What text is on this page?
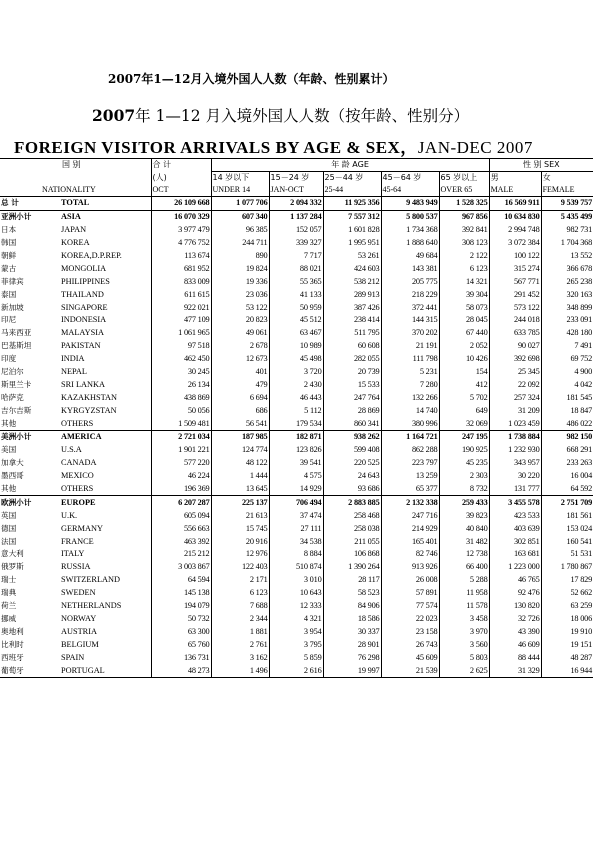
2007年1—12月入境外国人人数（年龄、性别累计）
2007年 1—12 月入境外国人人数（按年龄、性别分）
FOREIGN VISITOR ARRIVALS BY AGE & SEX，JAN-DEC 2007
国 别		合 计	年 龄 AGE					性 别 SEX	
		(人)	14 岁以下	15－24 岁	25－44 岁	45－64 岁	65 岁以上	男	女
NATIONALITY		OCT	UNDER 14	JAN-OCT	25-44	45-64	OVER 65	MALE	FEMALE
总 计	TOTAL	26 109 668	1 077 706	2 094 332	11 925 356	9 483 949	1 528 325	16 569 911	9 539 757
亚洲小计	ASIA	16 070 329	607 340	1 137 284	7 557 312	5 800 537	967 856	10 634 830	5 435 499
日本	JAPAN	3 977 479	96 385	152 057	1 601 828	1 734 368	392 841	2 994 748	982 731
韩国	KOREA	4 776 752	244 711	339 327	1 995 951	1 888 640	308 123	3 072 384	1 704 368
朝鲜	KOREA,D.P.REP.	113 674	890	7 717	53 261	49 684	2 122	100 122	13 552
蒙古	MONGOLIA	681 952	19 824	88 021	424 603	143 381	6 123	315 274	366 678
菲律宾	PHILIPPINES	833 009	19 336	55 365	538 212	205 775	14 321	567 771	265 238
泰国	THAILAND	611 615	23 036	41 133	289 913	218 229	39 304	291 452	320 163
新加坡	SINGAPORE	922 021	53 122	50 959	387 426	372 441	58 073	573 122	348 899
印尼	INDONESIA	477 109	20 823	45 512	238 414	144 315	28 045	244 018	233 091
马来西亚	MALAYSIA	1 061 965	49 061	63 467	511 795	370 202	67 440	633 785	428 180
巴基斯坦	PAKISTAN	97 518	2 678	10 989	60 608	21 191	2 052	90 027	7 491
印度	INDIA	462 450	12 673	45 498	282 055	111 798	10 426	392 698	69 752
尼泊尔	NEPAL	30 245	401	3 720	20 739	5 231	154	25 345	4 900
斯里兰卡	SRI LANKA	26 134	479	2 430	15 533	7 280	412	22 092	4 042
哈萨克	KAZAKHSTAN	438 869	6 694	46 443	247 764	132 266	5 702	257 324	181 545
吉尔吉斯	KYRGYZSTAN	50 056	686	5 112	28 869	14 740	649	31 209	18 847
其他	OTHERS	1 509 481	56 541	179 534	860 341	380 996	32 069	1 023 459	486 022
美洲小计	AMERICA	2 721 034	187 985	182 871	938 262	1 164 721	247 195	1 738 884	982 150
美国	U.S.A	1 901 221	124 774	123 826	599 408	862 288	190 925	1 232 930	668 291
加拿大	CANADA	577 220	48 122	39 541	220 525	223 797	45 235	343 957	233 263
墨西哥	MEXICO	46 224	1 444	4 575	24 643	13 259	2 303	30 220	16 004
其他	OTHERS	196 369	13 645	14 929	93 686	65 377	8 732	131 777	64 592
欧洲小计	EUROPE	6 207 287	225 137	706 494	2 883 885	2 132 338	259 433	3 455 578	2 751 709
英国	U.K.	605 094	21 613	37 474	258 468	247 716	39 823	423 533	181 561
德国	GERMANY	556 663	15 745	27 111	258 038	214 929	40 840	403 639	153 024
法国	FRANCE	463 392	20 916	34 538	211 055	165 401	31 482	302 851	160 541
意大利	ITALY	215 212	12 976	8 884	106 868	82 746	12 738	163 681	51 531
俄罗斯	RUSSIA	3 003 867	122 403	510 874	1 390 264	913 926	66 400	1 223 000	1 780 867
瑞士	SWITZERLAND	64 594	2 171	3 010	28 117	26 008	5 288	46 765	17 829
瑞典	SWEDEN	145 138	6 123	10 643	58 523	57 891	11 958	92 476	52 662
荷兰	NETHERLANDS	194 079	7 688	12 333	84 906	77 574	11 578	130 820	63 259
挪威	NORWAY	50 732	2 344	4 321	18 586	22 023	3 458	32 726	18 006
奥地利	AUSTRIA	63 300	1 881	3 954	30 337	23 158	3 970	43 390	19 910
比利时	BELGIUM	65 760	2 761	3 795	28 901	26 743	3 560	46 609	19 151
西班牙	SPAIN	136 731	3 162	5 859	76 298	45 609	5 803	88 444	48 287
葡萄牙	PORTUGAL	48 273	1 496	2 616	19 997	21 539	2 625	31 329	16 944
